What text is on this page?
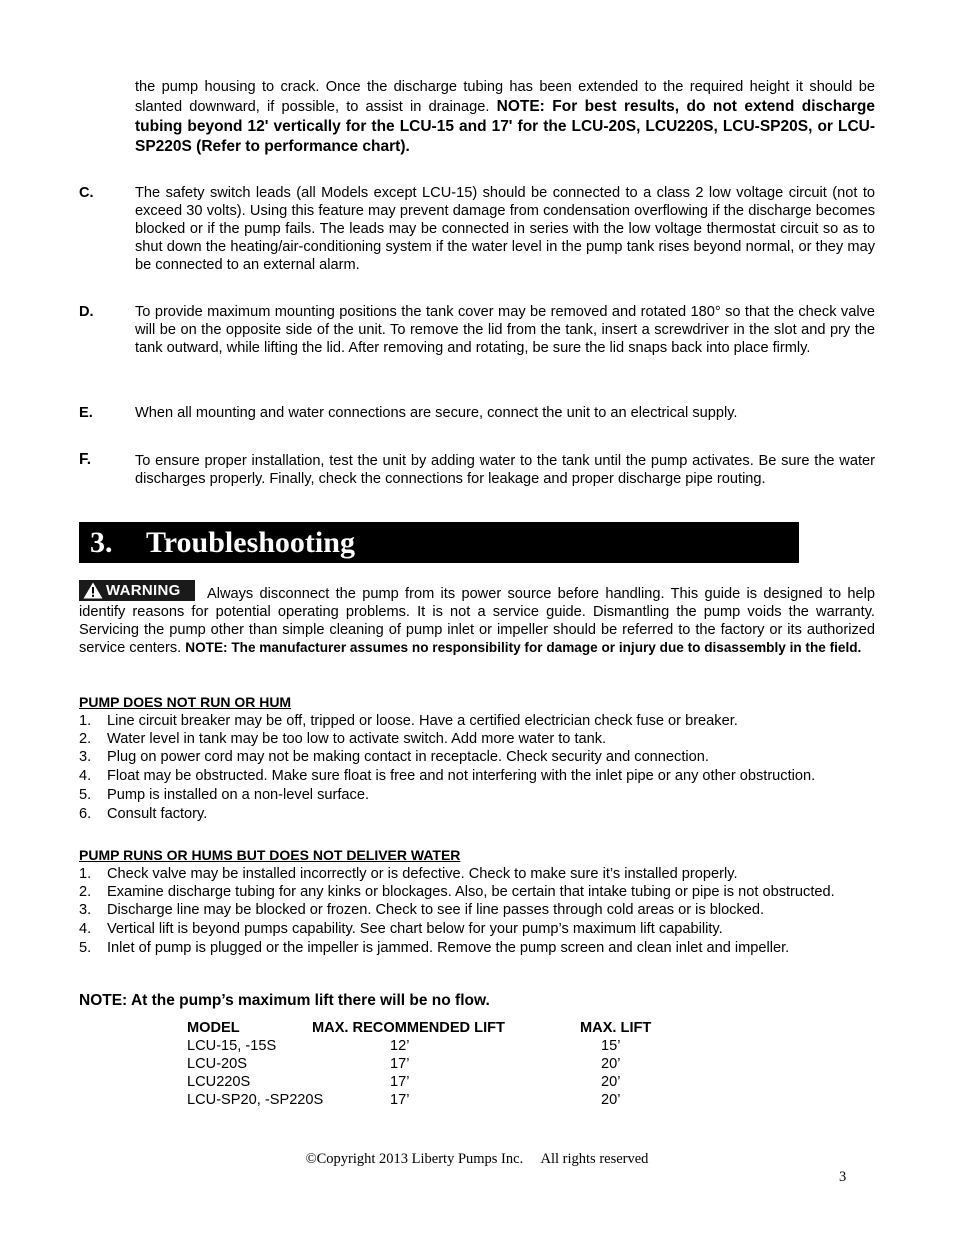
the pump housing to crack. Once the discharge tubing has been extended to the required height it should be slanted downward, if possible, to assist in drainage. NOTE: For best results, do not extend discharge tubing beyond 12' vertically for the LCU-15 and 17' for the LCU-20S, LCU220S, LCU-SP20S, or LCU-SP220S (Refer to performance chart).
C.	The safety switch leads (all Models except LCU-15) should be connected to a class 2 low voltage circuit (not to exceed 30 volts). Using this feature may prevent damage from condensation overflowing if the discharge becomes blocked or if the pump fails. The leads may be connected in series with the low voltage thermostat circuit so as to shut down the heating/air-conditioning system if the water level in the pump tank rises beyond normal, or they may be connected to an external alarm.
D.	To provide maximum mounting positions the tank cover may be removed and rotated 180° so that the check valve will be on the opposite side of the unit. To remove the lid from the tank, insert a screwdriver in the slot and pry the tank outward, while lifting the lid. After removing and rotating, be sure the lid snaps back into place firmly.
E.	When all mounting and water connections are secure, connect the unit to an electrical supply.
F.	To ensure proper installation, test the unit by adding water to the tank until the pump activates. Be sure the water discharges properly. Finally, check the connections for leakage and proper discharge pipe routing.
3. Troubleshooting
WARNING	Always disconnect the pump from its power source before handling. This guide is designed to help identify reasons for potential operating problems. It is not a service guide. Dismantling the pump voids the warranty. Servicing the pump other than simple cleaning of pump inlet or impeller should be referred to the factory or its authorized service centers. NOTE: The manufacturer assumes no responsibility for damage or injury due to disassembly in the field.
PUMP DOES NOT RUN OR HUM
1. Line circuit breaker may be off, tripped or loose. Have a certified electrician check fuse or breaker.
2. Water level in tank may be too low to activate switch. Add more water to tank.
3. Plug on power cord may not be making contact in receptacle. Check security and connection.
4. Float may be obstructed. Make sure float is free and not interfering with the inlet pipe or any other obstruction.
5. Pump is installed on a non-level surface.
6. Consult factory.
PUMP RUNS OR HUMS BUT DOES NOT DELIVER WATER
1. Check valve may be installed incorrectly or is defective. Check to make sure it’s installed properly.
2. Examine discharge tubing for any kinks or blockages. Also, be certain that intake tubing or pipe is not obstructed.
3. Discharge line may be blocked or frozen. Check to see if line passes through cold areas or is blocked.
4. Vertical lift is beyond pumps capability. See chart below for your pump’s maximum lift capability.
5. Inlet of pump is plugged or the impeller is jammed. Remove the pump screen and clean inlet and impeller.
NOTE: At the pump’s maximum lift there will be no flow.
MODEL	MAX. RECOMMENDED LIFT	MAX. LIFT
LCU-15, -15S	12’	15’
LCU-20S	17’	20’
LCU220S	17’	20’
LCU-SP20, -SP220S	17’	20’
©Copyright 2013 Liberty Pumps Inc.     All rights reserved
3
